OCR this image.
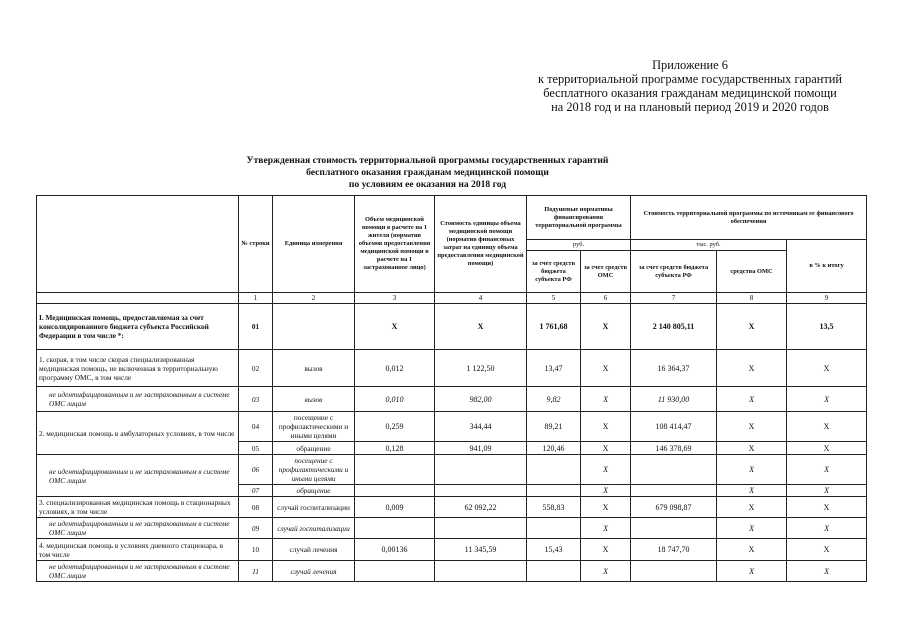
Приложение 6
к территориальной программе государственных гарантий
бесплатного оказания гражданам медицинской помощи
на 2018 год и на плановый период 2019 и 2020 годов
Утвержденная стоимость территориальной программы государственных гарантий
бесплатного оказания гражданам медицинской помощи
по условиям ее оказания на 2018 год
	№ строки	Единица измерения	Объем медицинской помощи в расчете на 1 жителя (норматив объемов предоставления медицинской помощи в расчете на 1 застрахованное лицо)	Стоимость единицы объема медицинской помощи (норматив финансовых затрат на единицу объема предоставления медицинской помощи)	Подушевые нормативы финансирования территориальной программы		Стоимость территориальной программы по источникам ее финансового обеспечения		
					руб.		тыс. руб.		в % к итогу
					за счет средств бюджета субъекта РФ	за счет средств ОМС	за счет средств бюджета субъекта РФ	средства ОМС	
	1	2	3	4	5	6	7	8	9
I. Медицинская помощь, предоставляемая за счет консолидированного бюджета субъекта Российской Федерации в том числе *:	01		Х	Х	1 761,68	Х	2 140 805,11	Х	13,5
1. скорая, в том числе скорая специализированная медицинская помощь, не включенная в территориальную программу ОМС, в том числе	02	вызов	0,012	1 122,50	13,47	Х	16 364,37	Х	Х
не идентифицированным и не застрахованным в системе ОМС лицам	03	вызов	0,010	982,00	9,82	Х	11 930,00	Х	Х
2. медицинская помощь в амбулаторных условиях, в том числе	04	посещение с профилактическими и иными целями	0,259	344,44	89,21	Х	108 414,47	Х	Х
	05	обращение	0,128	941,09	120,46	Х	146 378,69	Х	Х
не идентифицированным и не застрахованным в системе ОМС лицам	06	посещение с профилактическими и иными целями				Х		Х	Х
	07	обращение				Х		Х	Х
3. специализированная медицинская помощь в стационарных условиях, в том числе	08	случай госпитализации	0,009	62 092,22	558,83	Х	679 098,87	Х	Х
не идентифицированным и не застрахованным в системе ОМС лицам	09	случай госпитализации				Х		Х	Х
4. медицинская помощь в условиях дневного стационара, в том числе	10	случай лечения	0,00136	11 345,59	15,43	Х	18 747,70	Х	Х
не идентифицированным и не застрахованным в системе ОМС лицам	11	случай лечения				Х		Х	Х
